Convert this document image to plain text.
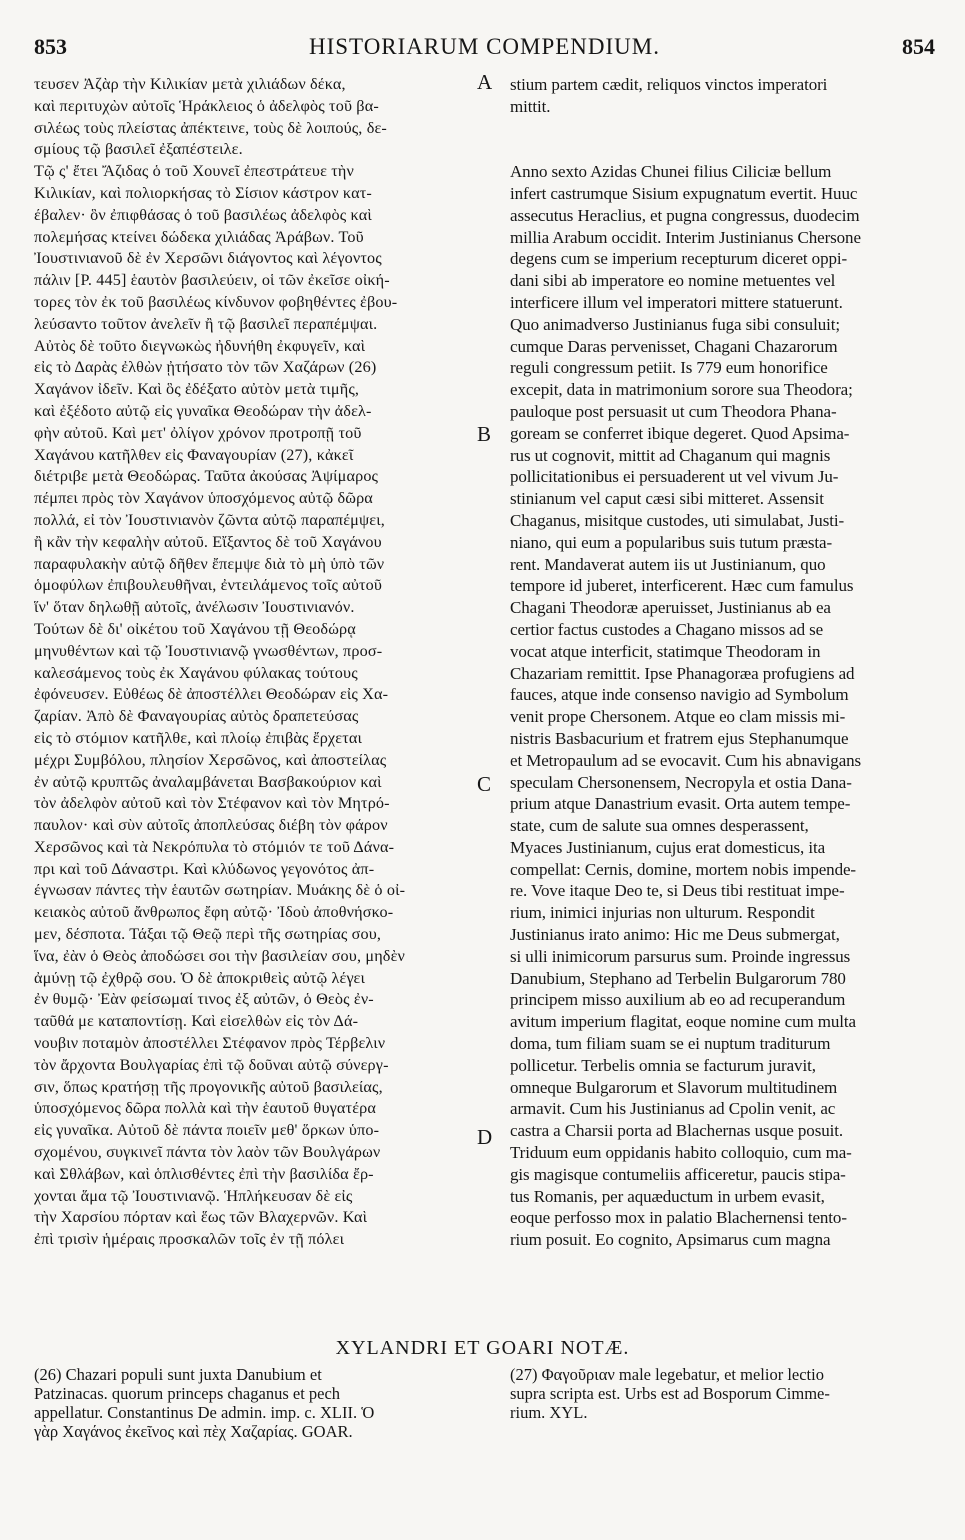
853	HISTORIARUM COMPENDIUM.	854
τευσεν Ἀζὰρ τὴν Κιλικίαν μετὰ χιλιάδων δέκα,
καὶ περιτυχὼν αὐτοῖς Ἡράκλειος ὁ ἀδελφὸς τοῦ βα-
σιλέως τοὺς πλείστας ἀπέκτεινε, τοὺς δὲ λοιπούς, δε-
σμίους τῷ βασιλεῖ ἐξαπέστειλε.
Τῷ ς' ἔτει Ἄζιδας ὁ τοῦ Χουνεῖ ἐπεστράτευε τὴν
Κιλικίαν, καὶ πολιορκήσας τὸ Σίσιον κάστρον κατ-
έβαλεν· ὃν ἐπιφθάσας ὁ τοῦ βασιλέως ἀδελφὸς καὶ
πολεμήσας κτείνει δώδεκα χιλιάδας Ἀράβων. Τοῦ
Ἰουστινιανοῦ δὲ ἐν Χερσῶνι διάγοντος καὶ λέγοντος
πάλιν [P. 445] ἑαυτὸν βασιλεύειν, οἱ τῶν ἐκεῖσε οἰκή-
τορες τὸν ἐκ τοῦ βασιλέως κίνδυνον φοβηθέντες ἐβου-
λεύσαντο τοῦτον ἀνελεῖν ἢ τῷ βασιλεῖ περαπέμψαι.
Αὐτὸς δὲ τοῦτο διεγνωκὼς ἠδυνήθη ἐκφυγεῖν, καὶ
εἰς τὸ Δαρὰς ἐλθὼν ᾐτήσατο τὸν τῶν Χαζάρων (26)
Χαγάνον ἰδεῖν. Καὶ ὃς ἐδέξατο αὐτὸν μετὰ τιμῆς,
καὶ ἐξέδοτο αὐτῷ εἰς γυναῖκα Θεοδώραν τὴν ἀδελ-
φὴν αὐτοῦ. Καὶ μετ' ὀλίγον χρόνον προτροπῇ τοῦ
Χαγάνου κατῆλθεν εἰς Φαναγουρίαν (27), κἀκεῖ
διέτριβε μετὰ Θεοδώρας. Ταῦτα ἀκούσας Ἀψίμαρος
πέμπει πρὸς τὸν Χαγάνον ὑποσχόμενος αὐτῷ δῶρα
πολλά, εἰ τὸν Ἰουστινιανὸν ζῶντα αὐτῷ παραπέμψει,
ἢ κἂν τὴν κεφαλὴν αὐτοῦ. Εἴξαντος δὲ τοῦ Χαγάνου
παραφυλακὴν αὐτῷ δῆθεν ἔπεμψε διὰ τὸ μὴ ὑπὸ τῶν
ὁμοφύλων ἐπιβουλευθῆναι, ἐντειλάμενος τοῖς αὐτοῦ
ἵν' ὅταν δηλωθῇ αὐτοῖς, ἀνέλωσιν Ἰουστινιανόν.
Τούτων δὲ δι' οἰκέτου τοῦ Χαγάνου τῇ Θεοδώρᾳ
μηνυθέντων καὶ τῷ Ἰουστινιανῷ γνωσθέντων, προσ-
καλεσάμενος τοὺς ἐκ Χαγάνου φύλακας τούτους
ἐφόνευσεν. Εὐθέως δὲ ἀποστέλλει Θεοδώραν εἰς Χα-
ζαρίαν. Ἀπὸ δὲ Φαναγουρίας αὐτὸς δραπετεύσας
εἰς τὸ στόμιον κατῆλθε, καὶ πλοίῳ ἐπιβὰς ἔρχεται
μέχρι Συμβόλου, πλησίον Χερσῶνος, καὶ ἀποστείλας
ἐν αὐτῷ κρυπτῶς ἀναλαμβάνεται Βασβακούριον καὶ
τὸν ἀδελφὸν αὐτοῦ καὶ τὸν Στέφανον καὶ τὸν Μητρό-
παυλον· καὶ σὺν αὐτοῖς ἀποπλεύσας διέβη τὸν φάρον
Χερσῶνος καὶ τὰ Νεκρόπυλα τὸ στόμιόν τε τοῦ Δάνα-
πρι καὶ τοῦ Δάναστρι. Καὶ κλύδωνος γεγονότος ἀπ-
έγνωσαν πάντες τὴν ἑαυτῶν σωτηρίαν. Μυάκης δὲ ὁ οἰ-
κειακὸς αὐτοῦ ἄνθρωπος ἔφη αὐτῷ· Ἰδοὺ ἀποθνήσκο-
μεν, δέσποτα. Τάξαι τῷ Θεῷ περὶ τῆς σωτηρίας σου,
ἵνα, ἐὰν ὁ Θεὸς ἀποδώσει σοι τὴν βασιλείαν σου, μηδὲν
ἀμύνῃ τῷ ἐχθρῷ σου. Ὁ δὲ ἀποκριθεὶς αὐτῷ λέγει
ἐν θυμῷ· Ἐὰν φείσωμαί τινος ἐξ αὐτῶν, ὁ Θεὸς ἐν-
ταῦθά με καταποντίσῃ. Καὶ εἰσελθὼν εἰς τὸν Δά-
νουβιν ποταμὸν ἀποστέλλει Στέφανον πρὸς Τέρβελιν
τὸν ἄρχοντα Βουλγαρίας ἐπὶ τῷ δοῦναι αὐτῷ σύνεργ-
σιν, ὅπως κρατήσῃ τῆς προγονικῆς αὐτοῦ βασιλείας,
ὑποσχόμενος δῶρα πολλὰ καὶ τὴν ἑαυτοῦ θυγατέρα
εἰς γυναῖκα. Αὐτοῦ δὲ πάντα ποιεῖν μεθ' ὅρκων ὑπο-
σχομένου, συγκινεῖ πάντα τὸν λαὸν τῶν Βουλγάρων
καὶ Σθλάβων, καὶ ὁπλισθέντες ἐπὶ τὴν βασιλίδα ἔρ-
χονται ἅμα τῷ Ἰουστινιανῷ. Ἡπλήκευσαν δὲ εἰς
τὴν Χαρσίου πόρταν καὶ ἕως τῶν Βλαχερνῶν. Καὶ
ἐπὶ τρισὶν ἡμέραις προσκαλῶν τοῖς ἐν τῇ πόλει
stium partem cædit, reliquos vinctos imperatori
mittit.
Anno sexto Azidas Chunei filius Ciliciæ bellum
infert castrumque Sisium expugnatum evertit. Huuc
assecutus Heraclius, et pugna congressus, duodecim
millia Arabum occidit. Interim Justinianus Chersone
degens cum se imperium recepturum diceret oppi-
dani sibi ab imperatore eo nomine metuentes vel
interficere illum vel imperatori mittere statuerunt.
Quo animadverso Justinianus fuga sibi consuluit;
cumque Daras pervenisset, Chagani Chazarorum
reguli congressum petiit. Is 779 eum honorifice
excepit, data in matrimonium sorore sua Theodora;
pauloque post persuasit ut cum Theodora Phana-
goream se conferret ibique degeret. Quod Apsima-
rus ut cognovit, mittit ad Chaganum qui magnis
pollicitationibus ei persuaderent ut vel vivum Ju-
stinianum vel caput cæsi sibi mitteret. Assensit
Chaganus, misitque custodes, uti simulabat, Justi-
niano, qui eum a popularibus suis tutum præsta-
rent. Mandaverat autem iis ut Justinianum, quo
tempore id juberet, interficerent. Hæc cum famulus
Chagani Theodoræ aperuisset, Justinianus ab ea
certior factus custodes a Chagano missos ad se
vocat atque interficit, statimque Theodoram in
Chazariam remittit. Ipse Phanagoræa profugiens ad
fauces, atque inde consenso navigio ad Symbolum
venit prope Chersonem. Atque eo clam missis mi-
nistris Basbacurium et fratrem ejus Stephanumque
et Metropaulum ad se evocavit. Cum his abnavigans
speculam Chersonensem, Necropyla et ostia Dana-
prium atque Danastrium evasit. Orta autem tempe-
state, cum de salute sua omnes desperassent,
Myaces Justinianum, cujus erat domesticus, ita
compellat: Cernis, domine, mortem nobis impende-
re. Vove itaque Deo te, si Deus tibi restituat impe-
rium, inimici injurias non ulturum. Respondit
Justinianus irato animo: Hic me Deus submergat,
si ulli inimicorum parsurus sum. Proinde ingressus
Danubium, Stephano ad Terbelin Bulgarorum 780
principem misso auxilium ab eo ad recuperandum
avitum imperium flagitat, eoque nomine cum multa
doma, tum filiam suam se ei nuptum traditurum
pollicetur. Terbelis omnia se facturum juravit,
omneque Bulgarorum et Slavorum multitudinem
armavit. Cum his Justinianus ad Cpolin venit, ac
castra a Charsii porta ad Blachernas usque posuit.
Triduum eum oppidanis habito colloquio, cum ma-
gis magisque contumeliis afficeretur, paucis stipa-
tus Romanis, per aquæductum in urbem evasit,
eoque perfosso mox in palatio Blachernensi tento-
rium posuit. Eo cognito, Apsimarus cum magna
A
B
C
D
XYLANDRI ET GOARI NOTÆ.
(26) Chazari populi sunt juxta Danubium et
Patzinacas. quorum princeps chaganus et pech
appellatur. Constantinus De admin. imp. c. XLII. Ὁ
γὰρ Χαγάνος ἐκεῖνος καὶ πὲχ Χαζαρίας. GOAR.
(27) Φαγοῦριαν male legebatur, et melior lectio
supra scripta est. Urbs est ad Bosporum Cimme-
rium. XYL.
